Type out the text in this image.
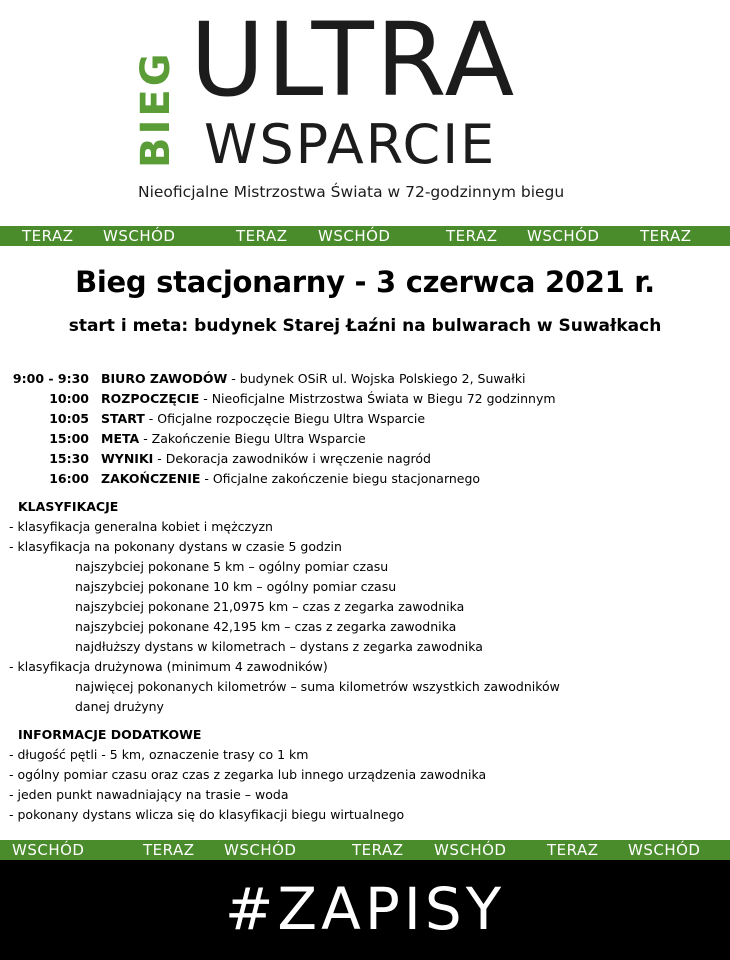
BIEG ULTRA
WSPARCIE
Nieoficjalne Mistrzostwa Świata w 72-godzinnym biegu
TERAZ WSCHÓD	TERAZ WSCHÓD	TERAZ WSCHÓD	TERAZ
Bieg stacjonarny - 3 czerwca 2021 r.
start i meta: budynek Starej Łaźni na bulwarach w Suwałkach
9:00 - 9:30 BIURO ZAWODÓW - budynek OSiR ul. Wojska Polskiego 2, Suwałki
10:00 ROZPOCZĘCIE - Nieoficjalne Mistrzostwa Świata w Biegu 72 godzinnym
10:05 START - Oficjalne rozpoczęcie Biegu Ultra Wsparcie
15:00 META - Zakończenie Biegu Ultra Wsparcie
15:30 WYNIKI - Dekoracja zawodników i wręczenie nagród
16:00 ZAKOŃCZENIE - Oficjalne zakończenie biegu stacjonarnego
KLASYFIKACJE
- klasyfikacja generalna kobiet i mężczyzn
- klasyfikacja na pokonany dystans w czasie 5 godzin
najszybciej pokonane 5 km – ogólny pomiar czasu
najszybciej pokonane 10 km – ogólny pomiar czasu
najszybciej pokonane 21,0975 km – czas z zegarka zawodnika
najszybciej pokonane 42,195 km – czas z zegarka zawodnika
najdłuższy dystans w kilometrach – dystans z zegarka zawodnika
- klasyfikacja drużynowa (minimum 4 zawodników)
najwięcej pokonanych kilometrów – suma kilometrów wszystkich zawodników
danej drużyny
INFORMACJE DODATKOWE
- długość pętli - 5 km, oznaczenie trasy co 1 km
- ogólny pomiar czasu oraz czas z zegarka lub innego urządzenia zawodnika
- jeden punkt nawadniający na trasie – woda
- pokonany dystans wlicza się do klasyfikacji biegu wirtualnego
WSCHÓD	TERAZ WSCHÓD	TERAZ WSCHÓD	TERAZ WSCHÓD
#ZAPISY
